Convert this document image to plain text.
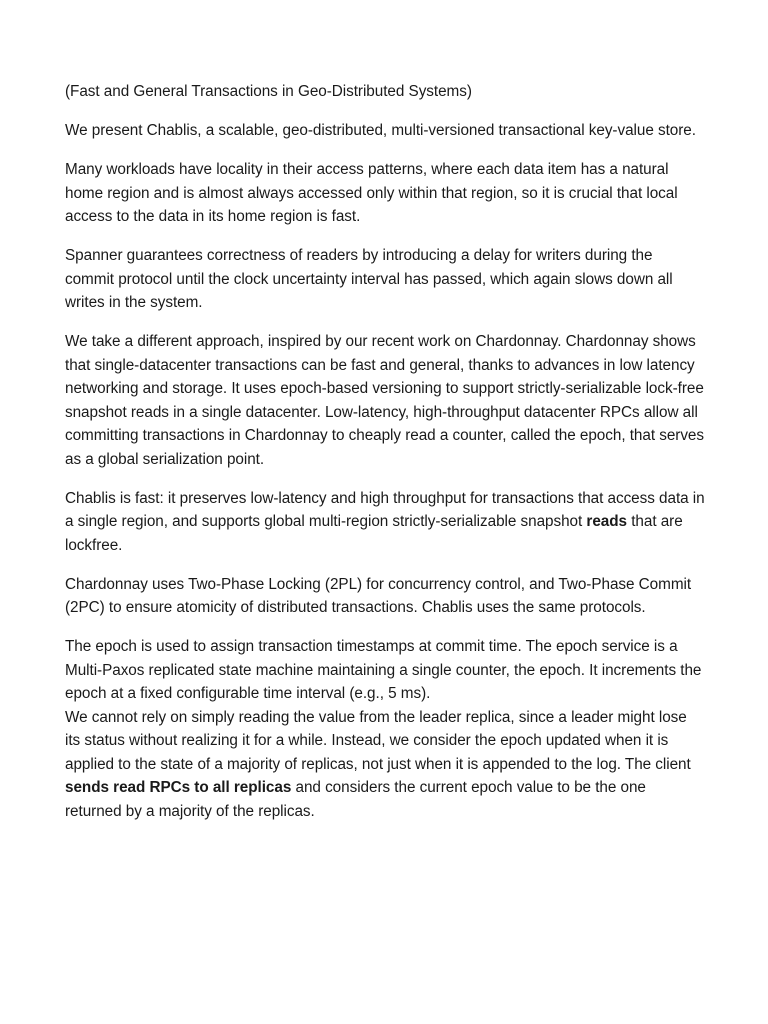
(Fast and General Transactions in Geo-Distributed Systems)

We present Chablis, a scalable, geo-distributed, multi-versioned transactional key-value store.

Many workloads have locality in their access patterns, where each data item has a natural home region and is almost always accessed only within that region, so it is crucial that local access to the data in its home region is fast.

Spanner guarantees correctness of readers by introducing a delay for writers during the commit protocol until the clock uncertainty interval has passed, which again slows down all writes in the system.

We take a different approach, inspired by our recent work on Chardonnay. Chardonnay shows that single-datacenter transactions can be fast and general, thanks to advances in low latency networking and storage. It uses epoch-based versioning to support strictly-serializable lock-free snapshot reads in a single datacenter. Low-latency, high-throughput datacenter RPCs allow all committing transactions in Chardonnay to cheaply read a counter, called the epoch, that serves as a global serialization point.

Chablis is fast: it preserves low-latency and high throughput for transactions that access data in a single region, and supports global multi-region strictly-serializable snapshot reads that are lockfree.

Chardonnay uses Two-Phase Locking (2PL) for concurrency control, and Two-Phase Commit (2PC) to ensure atomicity of distributed transactions. Chablis uses the same protocols.

The epoch is used to assign transaction timestamps at commit time. The epoch service is a Multi-Paxos replicated state machine maintaining a single counter, the epoch. It increments the epoch at a fixed configurable time interval (e.g., 5 ms).

We cannot rely on simply reading the value from the leader replica, since a leader might lose its status without realizing it for a while. Instead, we consider the epoch updated when it is applied to the state of a majority of replicas, not just when it is appended to the log. The client sends read RPCs to all replicas and considers the current epoch value to be the one returned by a majority of the replicas.
